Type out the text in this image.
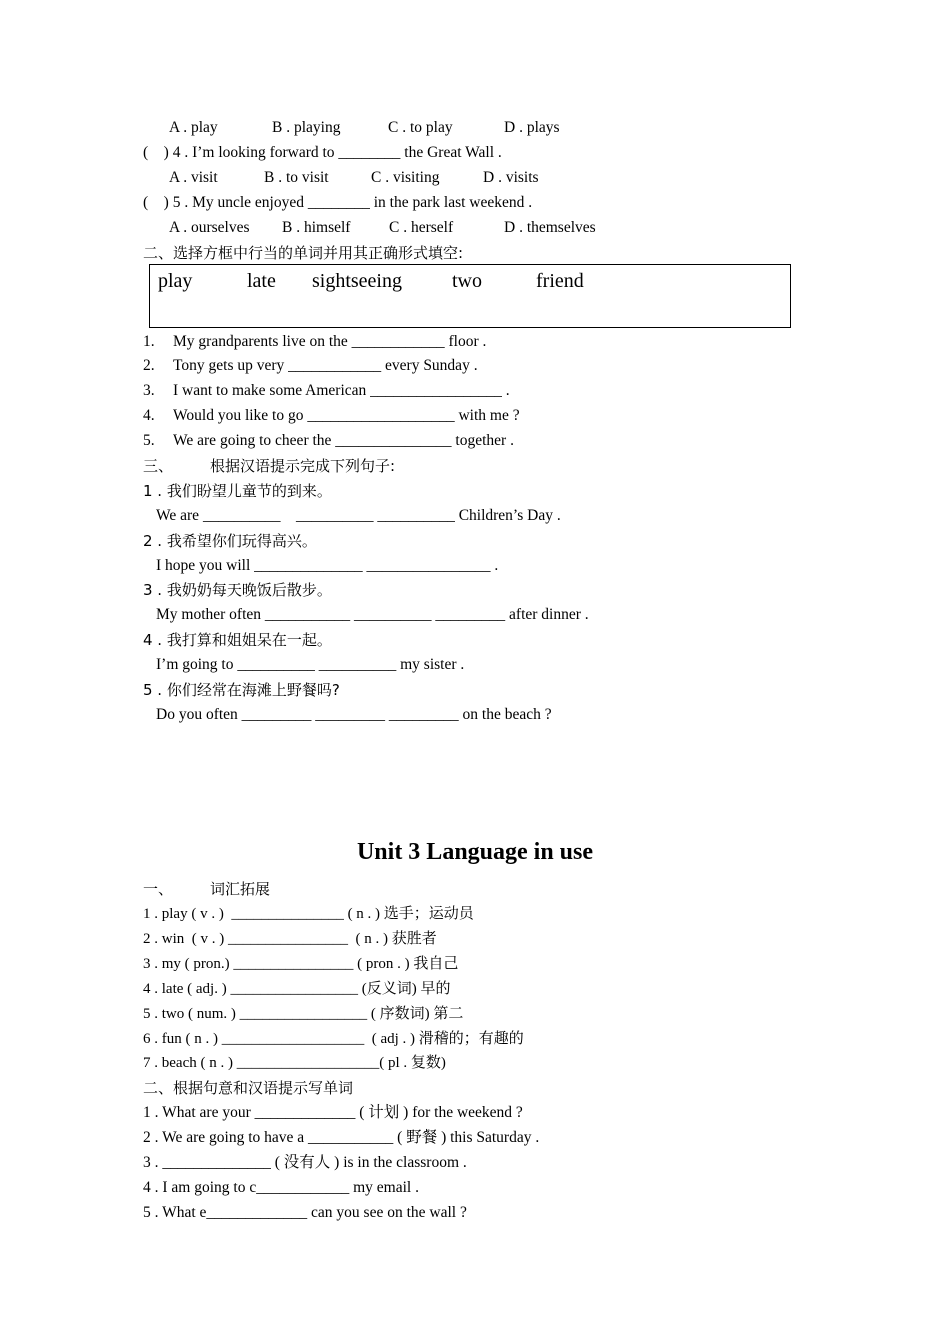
A . play	B . playing	C . to play	D . plays
(    ) 4 . I’m looking forward to ________ the Great Wall .
A . visit	B . to visit	C . visiting	D . visits
(    ) 5 . My uncle enjoyed ________ in the park last weekend .
A . ourselves B . himself C . herself	D . themselves
二、选择方框中行当的单词并用其正确形式填空:
play	late sightseeing	two	friend
1. My grandparents live on the ____________ floor .
2. Tony gets up very ____________ every Sunday .
3. I want to make some American _________________ .
4. Would you like to go ___________________ with me ?
5. We are going to cheer the _______________ together .
三、 根据汉语提示完成下列句子:
1 . 我们盼望儿童节的到来。
We are __________    __________ __________ Children’s Day .
2 . 我希望你们玩得高兴。
I hope you will ______________ ________________ .
3 . 我奶奶每天晚饭后散步。
My mother often ___________ __________ _________ after dinner .
4 . 我打算和姐姐呆在一起。
I’m going to __________ __________ my sister .
5 . 你们经常在海滩上野餐吗?
Do you often _________ _________ _________ on the beach ?
Unit 3 Language in use
一、 词汇拓展
1 . play ( v . )  _______________ ( n . ) 选手；运动员
2 . win  ( v . ) ________________  ( n . ) 获胜者
3 . my ( pron.) ________________ ( pron . ) 我自己
4 . late ( adj. ) _________________ (反义词) 早的
5 . two ( num. ) _________________ ( 序数词) 第二
6 . fun ( n . ) ___________________  ( adj . ) 滑稽的；有趣的
7 . beach ( n . ) ___________________( pl . 复数)
二、根据句意和汉语提示写单词
1 . What are your _____________ ( 计划 ) for the weekend ?
2 . We are going to have a ___________ ( 野餐 ) this Saturday .
3 . ______________ ( 没有人 ) is in the classroom .
4 . I am going to c____________ my email .
5 . What e_____________ can you see on the wall ?
